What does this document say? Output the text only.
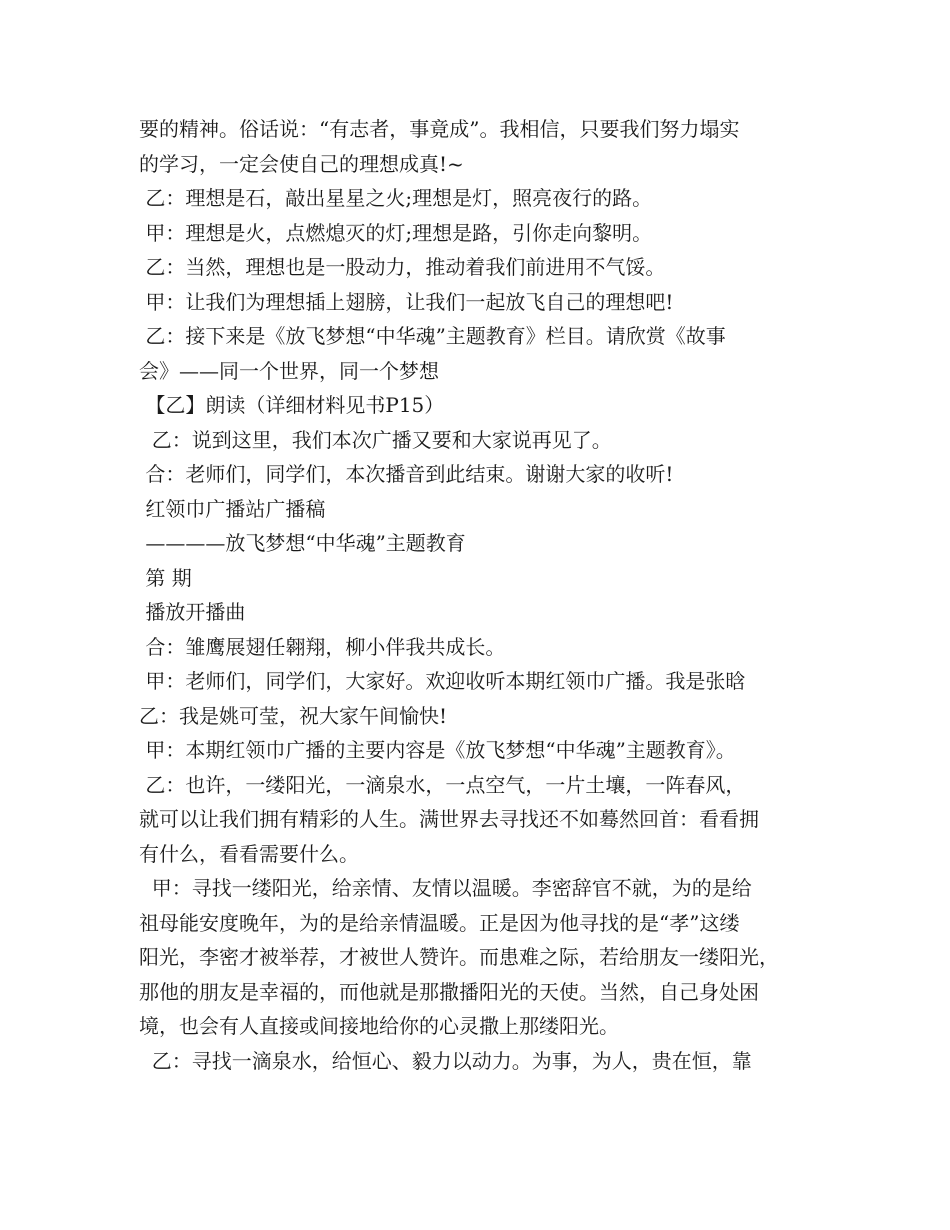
要的精神。俗话说：“有志者，事竟成”。我相信，只要我们努力塌实
的学习，一定会使自己的理想成真!~
乙：理想是石，敲出星星之火;理想是灯，照亮夜行的路。
甲：理想是火，点燃熄灭的灯;理想是路，引你走向黎明。
乙：当然，理想也是一股动力，推动着我们前进用不气馁。
甲：让我们为理想插上翅膀，让我们一起放飞自己的理想吧!
乙：接下来是《放飞梦想“中华魂”主题教育》栏目。请欣赏《故事
会》——同一个世界，同一个梦想
【乙】朗读（详细材料见书P15）
乙：说到这里，我们本次广播又要和大家说再见了。
合：老师们，同学们，本次播音到此结束。谢谢大家的收听!
红领巾广播站广播稿
————放飞梦想“中华魂”主题教育
第 期
播放开播曲
合：雏鹰展翅任翱翔，柳小伴我共成长。
甲：老师们，同学们，大家好。欢迎收听本期红领巾广播。我是张晗
乙：我是姚可莹，祝大家午间愉快!
甲：本期红领巾广播的主要内容是《放飞梦想“中华魂”主题教育》。
乙：也许，一缕阳光，一滴泉水，一点空气，一片土壤，一阵春风，
就可以让我们拥有精彩的人生。满世界去寻找还不如蓦然回首：看看拥
有什么，看看需要什么。
甲：寻找一缕阳光，给亲情、友情以温暖。李密辞官不就，为的是给
祖母能安度晚年，为的是给亲情温暖。正是因为他寻找的是“孝”这缕
阳光，李密才被举荐，才被世人赞许。而患难之际，若给朋友一缕阳光，
那他的朋友是幸福的，而他就是那撒播阳光的天使。当然，自己身处困
境，也会有人直接或间接地给你的心灵撒上那缕阳光。
乙：寻找一滴泉水，给恒心、毅力以动力。为事，为人，贵在恒，靠
